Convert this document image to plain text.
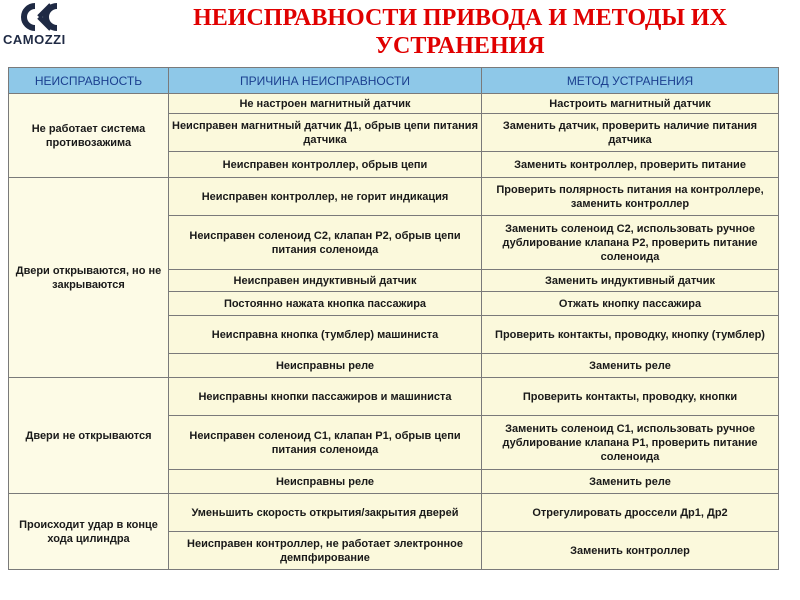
CAMOZZI
НЕИСПРАВНОСТИ ПРИВОДА И МЕТОДЫ ИХ УСТРАНЕНИЯ
НЕИСПРАВНОСТЬ	ПРИЧИНА НЕИСПРАВНОСТИ	МЕТОД УСТРАНЕНИЯ
Не работает система противозажима	Не настроен магнитный датчик	Настроить магнитный датчик
	Неисправен магнитный датчик Д1, обрыв цепи питания датчика	Заменить датчик, проверить наличие питания датчика
	Неисправен контроллер, обрыв цепи	Заменить контроллер, проверить питание
Двери открываются, но не закрываются	Неисправен контроллер, не горит индикация	Проверить полярность питания на контроллере, заменить контроллер
	Неисправен соленоид С2, клапан Р2, обрыв цепи питания соленоида	Заменить соленоид С2, использовать ручное дублирование клапана Р2, проверить питание соленоида
	Неисправен индуктивный датчик	Заменить индуктивный датчик
	Постоянно нажата кнопка пассажира	Отжать кнопку пассажира
	Неисправна кнопка (тумблер) машиниста	Проверить контакты, проводку, кнопку (тумблер)
	Неисправны реле	Заменить реле
Двери не открываются	Неисправны кнопки пассажиров и машиниста	Проверить контакты, проводку, кнопки
	Неисправен соленоид С1, клапан Р1, обрыв цепи питания соленоида	Заменить соленоид С1, использовать ручное дублирование клапана Р1, проверить питание соленоида
	Неисправны реле	Заменить реле
Происходит удар в конце хода цилиндра	Уменьшить скорость открытия/закрытия дверей	Отрегулировать дроссели Др1, Др2
	Неисправен контроллер, не работает электронное демпфирование	Заменить контроллер
